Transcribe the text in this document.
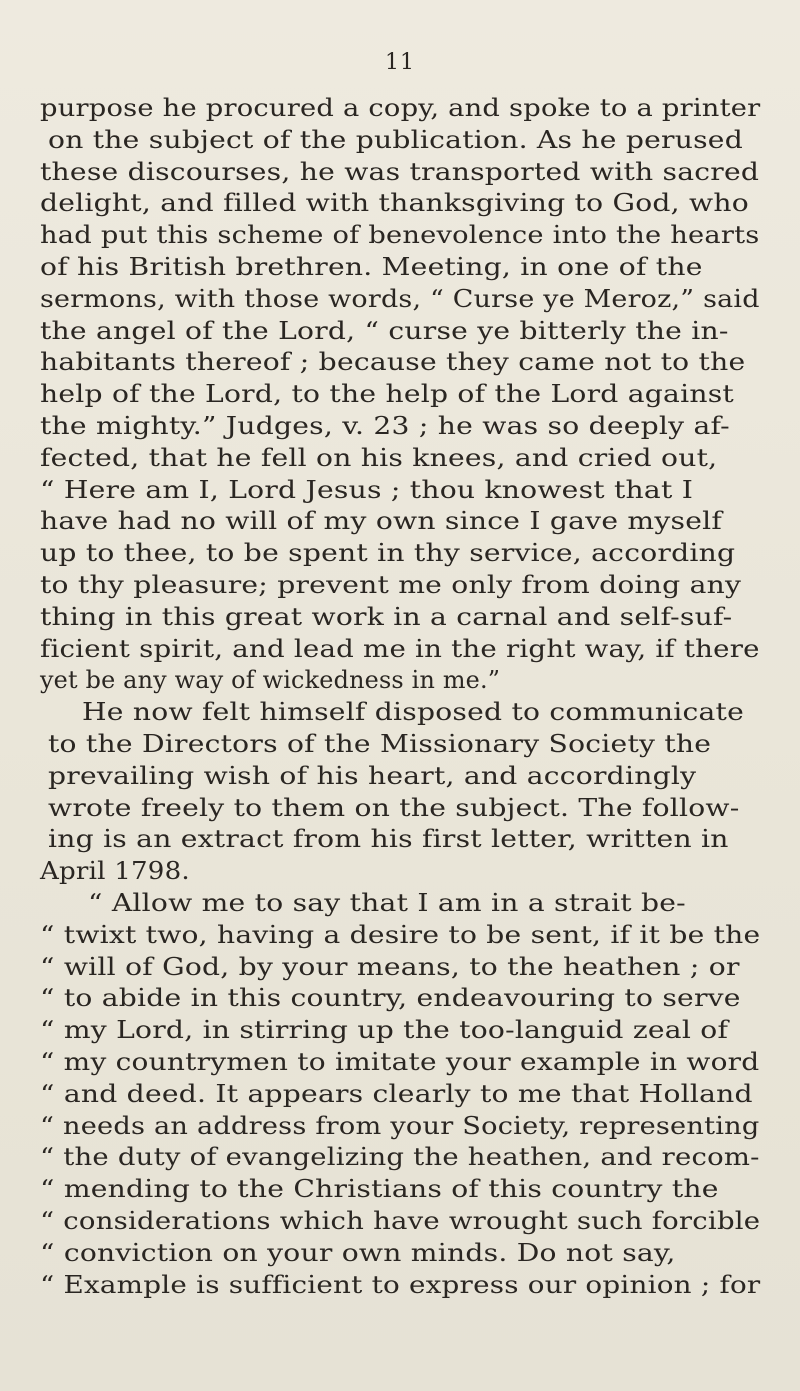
11
purpose he procured a copy, and spoke to a printer
on the subject of the publication. As he perused
these discourses, he was transported with sacred
delight, and filled with thanksgiving to God, who
had put this scheme of benevolence into the hearts
of his British brethren. Meeting, in one of the
sermons, with those words, “ Curse ye Meroz,” said
the angel of the Lord, “ curse ye bitterly the in-
habitants thereof ; because they came not to the
help of the Lord, to the help of the Lord against
the mighty.” Judges, v. 23 ; he was so deeply af-
fected, that he fell on his knees, and cried out,
“ Here am I, Lord Jesus ; thou knowest that I
have had no will of my own since I gave myself
up to thee, to be spent in thy service, according
to thy pleasure; prevent me only from doing any
thing in this great work in a carnal and self-suf-
ficient spirit, and lead me in the right way, if there
yet be any way of wickedness in me.”
He now felt himself disposed to communicate
to the Directors of the Missionary Society the
prevailing wish of his heart, and accordingly
wrote freely to them on the subject. The follow-
ing is an extract from his first letter, written in
April 1798.
“ Allow me to say that I am in a strait be-
“ twixt two, having a desire to be sent, if it be the
“ will of God, by your means, to the heathen ; or
“ to abide in this country, endeavouring to serve
“ my Lord, in stirring up the too-languid zeal of
“ my countrymen to imitate your example in word
“ and deed. It appears clearly to me that Holland
“ needs an address from your Society, representing
“ the duty of evangelizing the heathen, and recom-
“ mending to the Christians of this country the
“ considerations which have wrought such forcible
“ conviction on your own minds. Do not say,
“ Example is sufficient to express our opinion ; for
